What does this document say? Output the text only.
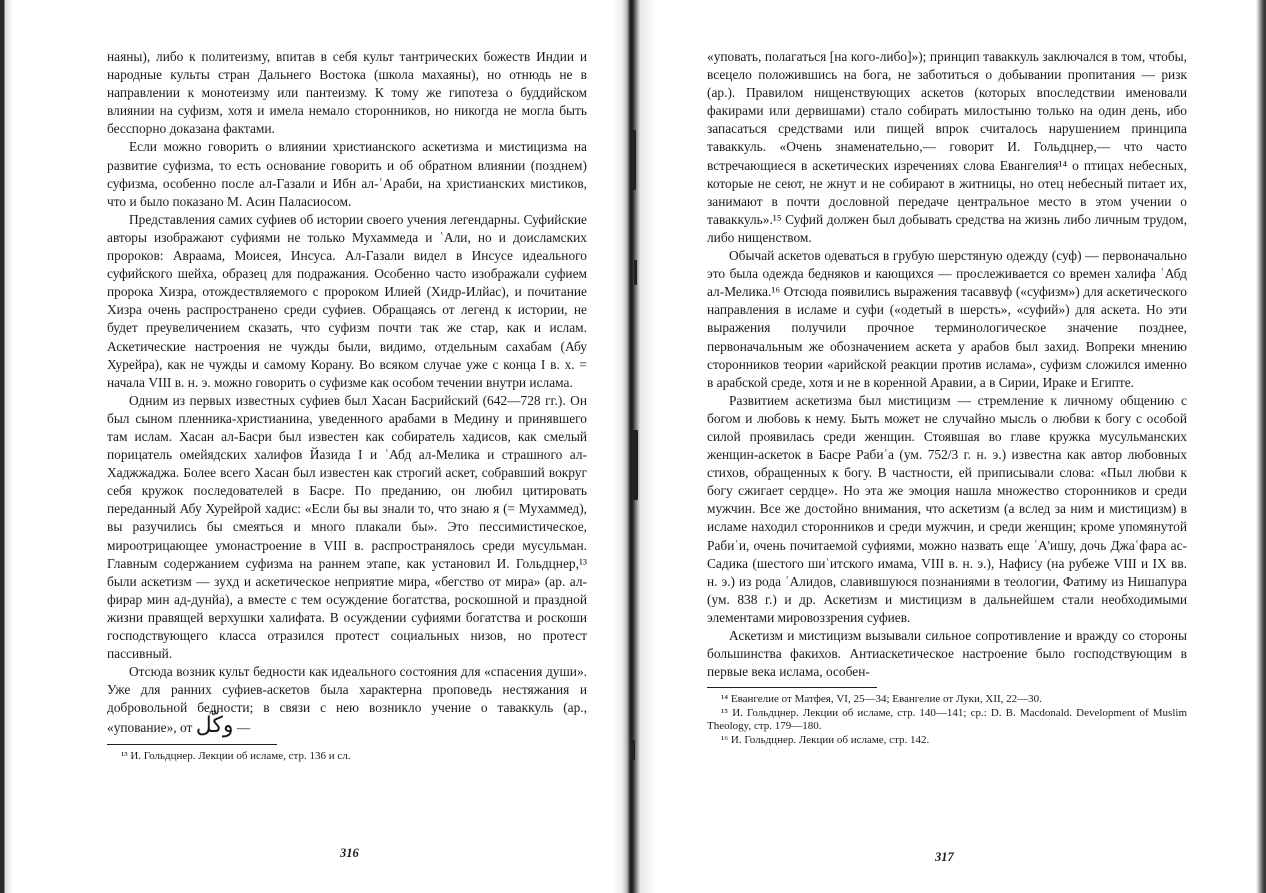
наяны), либо к политеизму, впитав в себя культ тантрических божеств Индии и народные культы стран Дальнего Востока (школа махаяны), но отнюдь не в направлении к монотеизму или пантеизму. К тому же гипотеза о буддийском влиянии на суфизм, хотя и имела немало сторонников, но никогда не могла быть бесспорно доказана фактами.

Если можно говорить о влиянии христианского аскетизма и мистицизма на развитие суфизма, то есть основание говорить и об обратном влиянии (позднем) суфизма, особенно после ал-Газали и Ибн ал-ʿАраби, на христианских мистиков, что и было показано М. Асин Паласиосом.

Представления самих суфиев об истории своего учения легендарны. Суфийские авторы изображают суфиями не только Мухаммеда и ʿАли, но и доисламских пророков: Авраама, Моисея, Инсуса. Ал-Газали видел в Инсусе идеального суфийского шейха, образец для подражания. Особенно часто изображали суфием пророка Хизра, отождествляемого с пророком Илией (Хидр-Илйас), и почитание Хизра очень распространено среди суфиев. Обращаясь от легенд к истории, не будет преувеличением сказать, что суфизм почти так же стар, как и ислам. Аскетические настроения не чужды были, видимо, отдельным сахабам (Абу Хурейра), как не чужды и самому Корану. Во всяком случае уже с конца I в. х. = начала VIII в. н. э. можно говорить о суфизме как особом течении внутри ислама.

Одним из первых известных суфиев был Хасан Басрийский (642—728 гг.). Он был сыном пленника-христианина, уведенного арабами в Медину и принявшего там ислам. Хасан ал-Басри был известен как собиратель хадисов, как смелый порицатель омейядских халифов Йазида I и ʿАбд ал-Мелика и страшного ал-Хаджжаджа. Более всего Хасан был известен как строгий аскет, собравший вокруг себя кружок последователей в Басре. По преданию, он любил цитировать переданный Абу Хурейрой хадис: «Если бы вы знали то, что знаю я (= Мухаммед), вы разучились бы смеяться и много плакали бы». Это пессимистическое, мироотрицающее умонастроение в VIII в. распространялось среди мусульман. Главным содержанием суфизма на раннем этапе, как установил И. Гольдцнер,¹³ были аскетизм — зухд и аскетическое неприятие мира, «бегство от мира» (ар. ал-фирар мин ад-дунйа), а вместе с тем осуждение богатства, роскошной и праздной жизни правящей верхушки халифата. В осуждении суфиями богатства и роскоши господствующего класса отразился протест социальных низов, но протест пассивный.

Отсюда возник культ бедности как идеального состояния для «спасения души». Уже для ранних суфиев-аскетов была характерна проповедь нестяжания и добровольной бедности; в связи с нею возникло учение о таваккуль (ар., «упование», от وكّل —

¹³ И. Гольдцнер. Лекции об исламе, стр. 136 и сл.

316

«уповать, полагаться [на кого-либо]»); принцип таваккуль заключался в том, чтобы, всецело положившись на бога, не заботиться о добывании пропитания — ризк (ар.). Правилом нищенствующих аскетов (которых впоследствии именовали факирами или дервишами) стало собирать милостыню только на один день, ибо запасаться средствами или пищей впрок считалось нарушением принципа таваккуль. «Очень знаменательно,— говорит И. Гольдцнер,— что часто встречающиеся в аскетических изречениях слова Евангелия¹⁴ о птицах небесных, которые не сеют, не жнут и не собирают в житницы, но отец небесный питает их, занимают в почти дословной передаче центральное место в этом учении о таваккуль».¹⁵ Суфий должен был добывать средства на жизнь либо личным трудом, либо нищенством.

Обычай аскетов одеваться в грубую шерстяную одежду (суф) — первоначально это была одежда бедняков и кающихся — прослеживается со времен халифа ʿАбд ал-Мелика.¹⁶ Отсюда появились выражения тасаввуф («суфизм») для аскетического направления в исламе и суфи («одетый в шерсть», «суфий») для аскета. Но эти выражения получили прочное терминологическое значение позднее, первоначальным же обозначением аскета у арабов был захид. Вопреки мнению сторонников теории «арийской реакции против ислама», суфизм сложился именно в арабской среде, хотя и не в коренной Аравии, а в Сирии, Ираке и Египте.

Развитием аскетизма был мистицизм — стремление к личному общению с богом и любовь к нему. Быть может не случайно мысль о любви к богу с особой силой проявилась среди женщин. Стоявшая во главе кружка мусульманских женщин-аскеток в Басре Рабиʿа (ум. 752/3 г. н. э.) известна как автор любовных стихов, обращенных к богу. В частности, ей приписывали слова: «Пыл любви к богу сжигает сердце». Но эта же эмоция нашла множество сторонников и среди мужчин. Все же достойно внимания, что аскетизм (а вслед за ним и мистицизм) в исламе находил сторонников и среди мужчин, и среди женщин; кроме упомянутой Рабиʿи, очень почитаемой суфиями, можно назвать еще ʿА'ишу, дочь Джаʿфара ас-Садика (шестого шиʿитского имама, VIII в. н. э.), Нафису (на рубеже VIII и IX вв. н. э.) из рода ʿАлидов, славившуюся познаниями в теологии, Фатиму из Нишапура (ум. 838 г.) и др. Аскетизм и мистицизм в дальнейшем стали необходимыми элементами мировоззрения суфиев.

Аскетизм и мистицизм вызывали сильное сопротивление и вражду со стороны большинства факихов. Антиаскетическое настроение было господствующим в первые века ислама, особен-

¹⁴ Евангелие от Матфея, VI, 25—34; Евангелие от Луки, XII, 22—30.

¹⁵ И. Гольдцнер. Лекции об исламе, стр. 140—141; ср.: D. B. Macdonald. Development of Muslim Theology, стр. 179—180.

¹⁶ И. Гольдцнер. Лекции об исламе, стр. 142.

317
